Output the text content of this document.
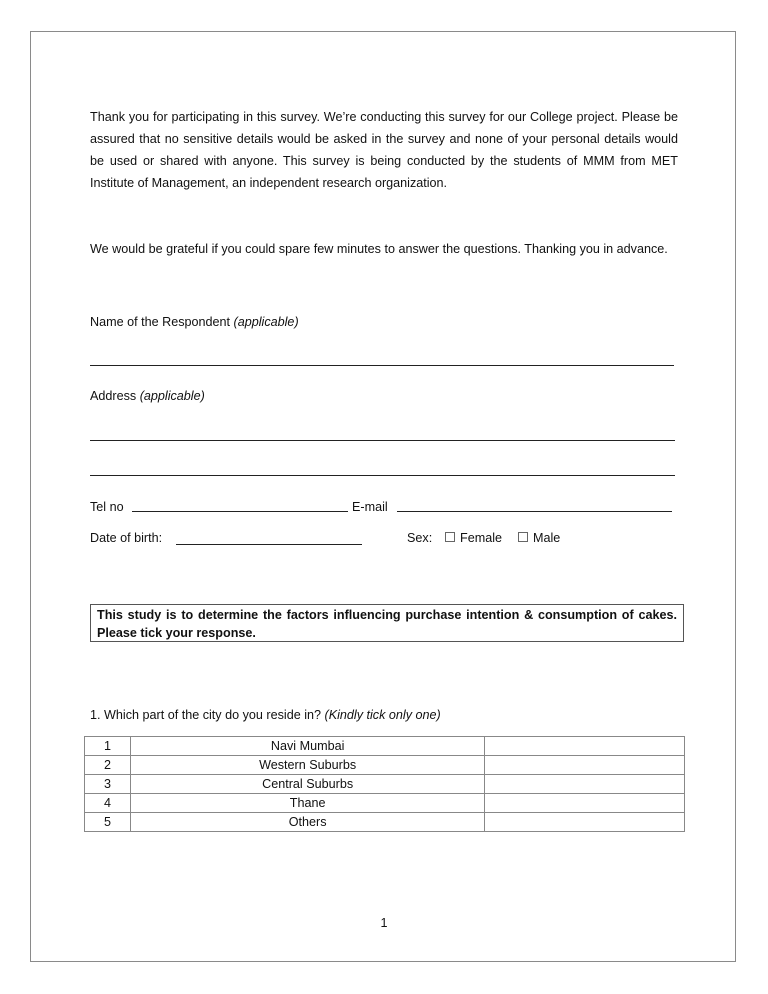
Thank you for participating in this survey. We’re conducting this survey for our College project. Please be assured that no sensitive details would be asked in the survey and none of your personal details would be used or shared with anyone. This survey is being conducted by the students of MMM from MET Institute of Management, an independent research organization.

We would be grateful if you could spare few minutes to answer the questions. Thanking you in advance.

Name of the Respondent (applicable)
Address (applicable)
Tel no	E-mail
Date of birth:	Sex:	Female	Male
This study is to determine the factors influencing purchase intention & consumption of cakes. Please tick your response.
1. Which part of the city do you reside in? (Kindly tick only one)
1	Navi Mumbai	
2	Western Suburbs	
3	Central Suburbs	
4	Thane	
5	Others	
1
